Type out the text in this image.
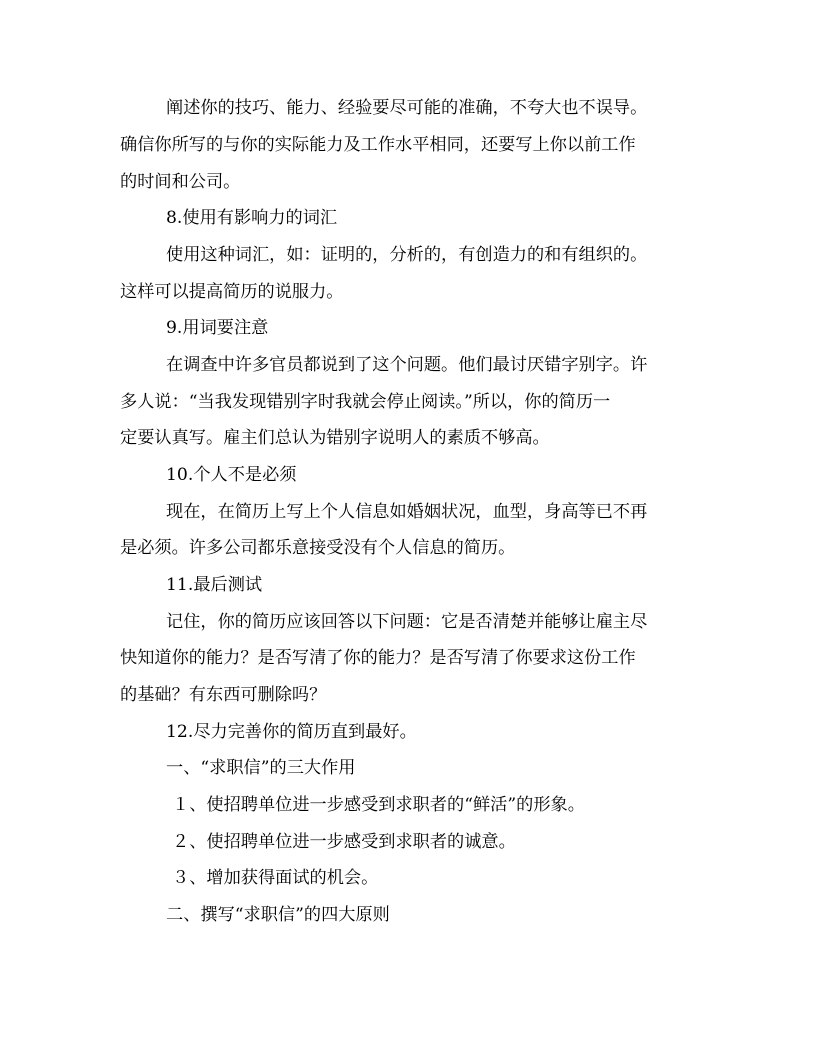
阐述你的技巧、能力、经验要尽可能的准确，不夸大也不误导。
确信你所写的与你的实际能力及工作水平相同，还要写上你以前工作
的时间和公司。
8.使用有影响力的词汇
使用这种词汇，如：证明的，分析的，有创造力的和有组织的。
这样可以提高简历的说服力。
9.用词要注意
在调查中许多官员都说到了这个问题。他们最讨厌错字别字。许
多人说：“当我发现错别字时我就会停止阅读。”所以，你的简历一
定要认真写。雇主们总认为错别字说明人的素质不够高。
10.个人不是必须
现在，在简历上写上个人信息如婚姻状况，血型，身高等已不再
是必须。许多公司都乐意接受没有个人信息的简历。
11.最后测试
记住，你的简历应该回答以下问题：它是否清楚并能够让雇主尽
快知道你的能力？是否写清了你的能力？是否写清了你要求这份工作
的基础？有东西可删除吗？
12.尽力完善你的简历直到最好。
一、“求职信”的三大作用
１、使招聘单位进一步感受到求职者的“鲜活”的形象。
２、使招聘单位进一步感受到求职者的诚意。
３、增加获得面试的机会。
二、撰写“求职信”的四大原则
